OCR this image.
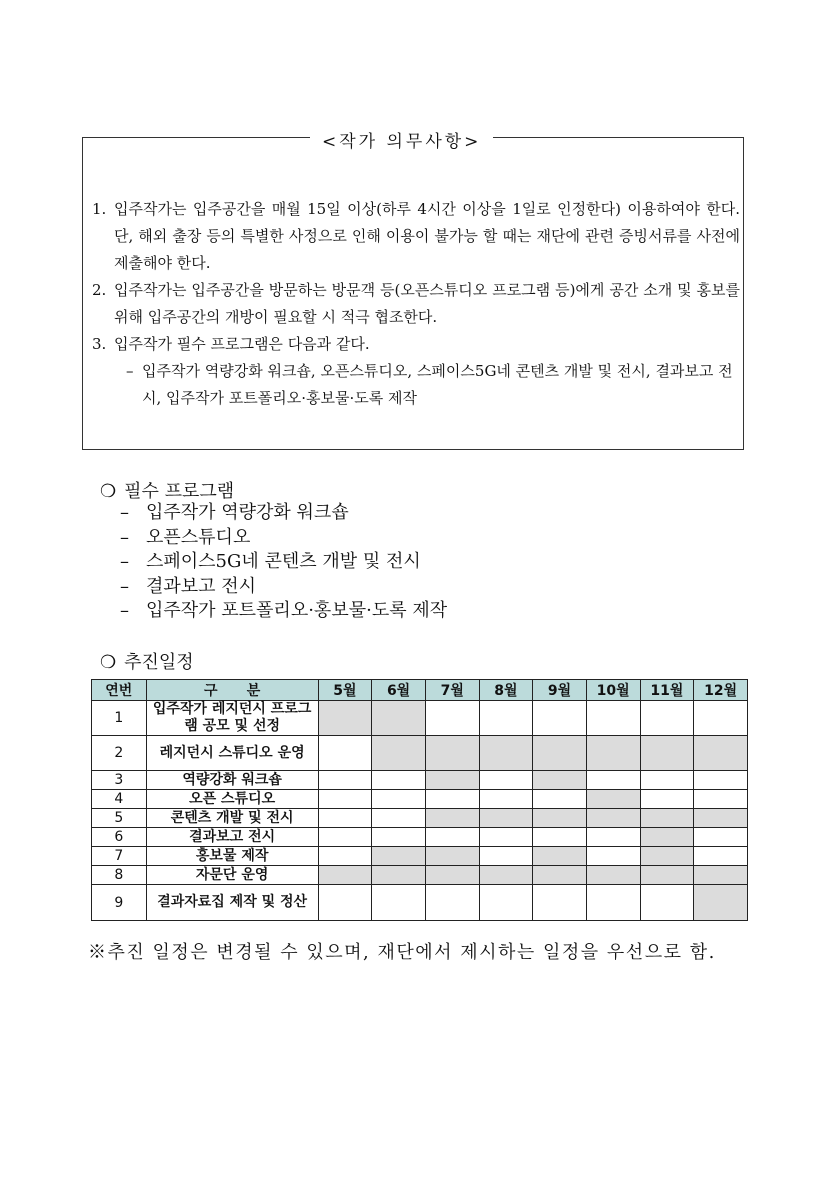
<작가 의무사항>
1. 입주작가는 입주공간을 매월 15일 이상(하루 4시간 이상을 1일로 인정한다) 이용하여야 한다. 단, 해외 출장 등의 특별한 사정으로 인해 이용이 불가능 할 때는 재단에 관련 증빙서류를 사전에 제출해야 한다.
2. 입주작가는 입주공간을 방문하는 방문객 등(오픈스튜디오 프로그램 등)에게 공간 소개 및 홍보를 위해 입주공간의 개방이 필요할 시 적극 협조한다.
3. 입주작가 필수 프로그램은 다음과 같다.
– 입주작가 역량강화 워크숍, 오픈스튜디오, 스페이스5G네 콘텐츠 개발 및 전시, 결과보고 전시, 입주작가 포트폴리오·홍보물·도록 제작
❍ 필수 프로그램
– 입주작가 역량강화 워크숍
– 오픈스튜디오
– 스페이스5G네 콘텐츠 개발 및 전시
– 결과보고 전시
– 입주작가 포트폴리오·홍보물·도록 제작
❍ 추진일정
연번	구      분	5월	6월	7월	8월	9월	10월	11월	12월
1	입주작가 레지던시 프로그램 공모 및 선정								
2	레지던시 스튜디오 운영								
3	역량강화 워크숍								
4	오픈 스튜디오								
5	콘텐츠 개발 및 전시								
6	결과보고 전시								
7	홍보물 제작								
8	자문단 운영								
9	결과자료집 제작 및 정산								
※추진 일정은 변경될 수 있으며, 재단에서 제시하는 일정을 우선으로 함.
